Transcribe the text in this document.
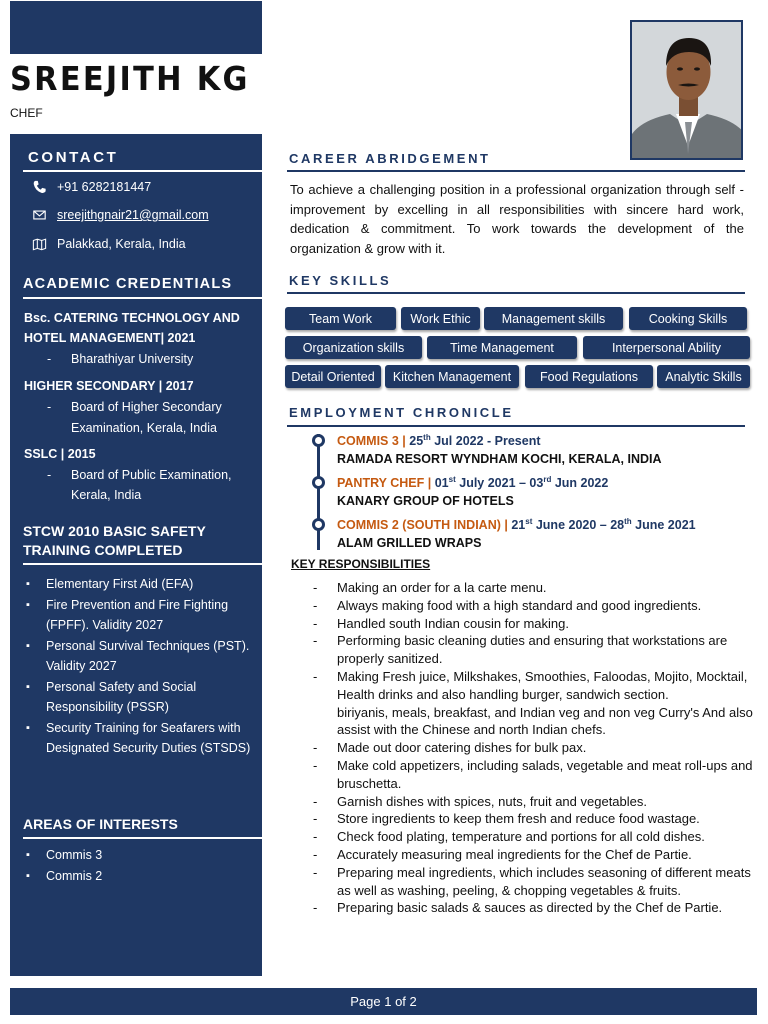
SREEJITH KG
CHEF
CONTACT
+91 6282181447
sreejithgnair21@gmail.com
Palakkad, Kerala, India
ACADEMIC CREDENTIALS
Bsc. CATERING TECHNOLOGY AND
HOTEL MANAGEMENT| 2021
- Bharathiyar University
HIGHER SECONDARY | 2017
- Board of Higher Secondary
Examination, Kerala, India
SSLC | 2015
- Board of Public Examination,
Kerala, India
STCW 2010 BASIC SAFETY
TRAINING COMPLETED
▪ Elementary First Aid (EFA)
▪ Fire Prevention and Fire Fighting (FPFF). Validity 2027
▪ Personal Survival Techniques (PST). Validity 2027
▪ Personal Safety and Social Responsibility (PSSR)
▪ Security Training for Seafarers with Designated Security Duties (STSDS)
AREAS OF INTERESTS
▪ Commis 3
▪ Commis 2
CAREER ABRIDGEMENT
To achieve a challenging position in a professional organization through self - improvement by excelling in all responsibilities with sincere hard work, dedication & commitment. To work towards the development of the organization & grow with it.
KEY SKILLS
Team Work	Work Ethic	Management skills	Cooking Skills
Organization skills	Time Management	Interpersonal Ability
Detail Oriented	Kitchen Management	Food Regulations	Analytic Skills
EMPLOYMENT CHRONICLE
COMMIS 3 | 25th Jul 2022 - Present
RAMADA RESORT WYNDHAM KOCHI, KERALA, INDIA
PANTRY CHEF | 01st July 2021 – 03rd Jun 2022
KANARY GROUP OF HOTELS
COMMIS 2 (SOUTH INDIAN) | 21st June 2020 – 28th June 2021
ALAM GRILLED WRAPS
KEY RESPONSIBILITIES
- Making an order for a la carte menu.
- Always making food with a high standard and good ingredients.
- Handled south Indian cousin for making.
- Performing basic cleaning duties and ensuring that workstations are properly sanitized.
- Making Fresh juice, Milkshakes, Smoothies, Faloodas, Mojito, Mocktail, Health drinks and also handling burger, sandwich section.
biriyanis, meals, breakfast, and Indian veg and non veg Curry's And also assist with the Chinese and north Indian chefs.
- Made out door catering dishes for bulk pax.
- Make cold appetizers, including salads, vegetable and meat roll-ups and bruschetta.
- Garnish dishes with spices, nuts, fruit and vegetables.
- Store ingredients to keep them fresh and reduce food wastage.
- Check food plating, temperature and portions for all cold dishes.
- Accurately measuring meal ingredients for the Chef de Partie.
- Preparing meal ingredients, which includes seasoning of different meats as well as washing, peeling, & chopping vegetables & fruits.
- Preparing basic salads & sauces as directed by the Chef de Partie.
Page 1 of 2
